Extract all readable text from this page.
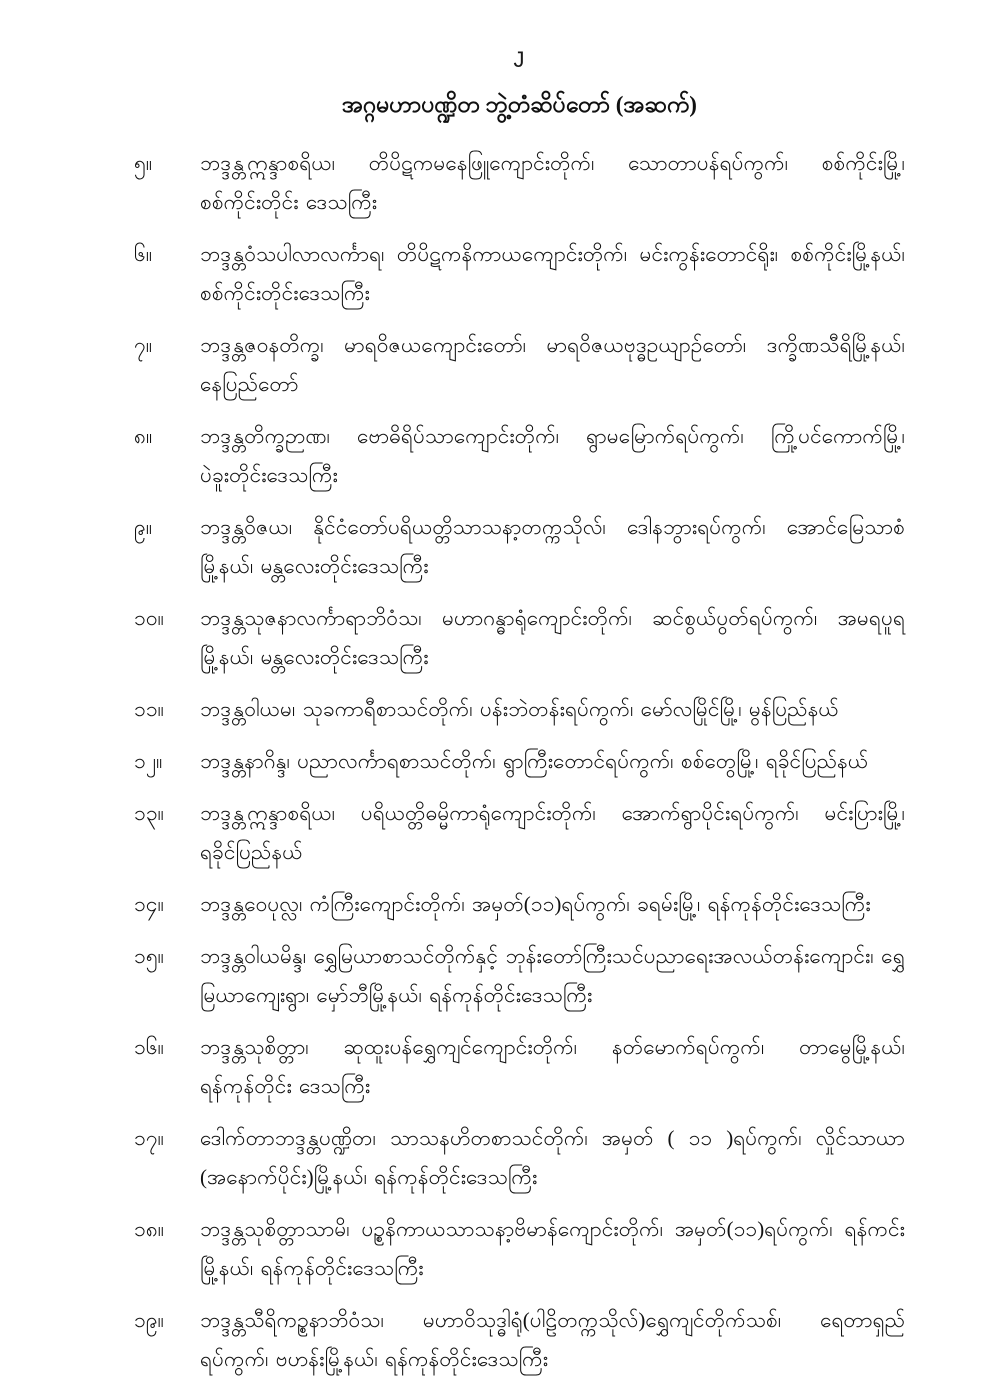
J
အဂ္ဂမဟာပဏ္ဍိတ ဘွဲ့တံဆိပ်တော် (အဆက်)
၅။	ဘဒ္ဒန္တဣန္ဒာစရိယ၊ တိပိဋကမနေဖြူကျောင်းတိုက်၊ သောတာပန်ရပ်ကွက်၊ စစ်ကိုင်းမြို့၊ စစ်ကိုင်းတိုင်း ဒေသကြီး
၆။	ဘဒ္ဒန္တဝံသပါလာလင်္ကာရ၊ တိပိဋကနိကာယကျောင်းတိုက်၊ မင်းကွန်းတောင်ရိုး၊ စစ်ကိုင်းမြို့နယ်၊ စစ်ကိုင်းတိုင်းဒေသကြီး
၇။	ဘဒ္ဒန္တဇဝနတိက္ခ၊ မာရဝိဇယကျောင်းတော်၊ မာရဝိဇယဗုဒ္ဓဥယျာဉ်တော်၊ ဒက္ခိဏသီရိမြို့နယ်၊ နေပြည်တော်
၈။	ဘဒ္ဒန္တတိက္ခဉာဏ၊ ဗောဓိရိပ်သာကျောင်းတိုက်၊ ရွာမမြောက်ရပ်ကွက်၊ ကြို့ပင်ကောက်မြို့၊ ပဲခူးတိုင်းဒေသကြီး
၉။	ဘဒ္ဒန္တဝိဇယ၊ နိုင်ငံတော်ပရိယတ္တိသာသနာ့တက္ကသိုလ်၊ ဒေါနဘွားရပ်ကွက်၊ အောင်မြေသာစံ မြို့နယ်၊ မန္တလေးတိုင်းဒေသကြီး
၁၀။	ဘဒ္ဒန္တသုဇနာလင်္ကာရာဘိဝံသ၊ မဟာဂန္ဓာရုံကျောင်းတိုက်၊ ဆင်စွယ်ပွတ်ရပ်ကွက်၊ အမရပူရမြို့နယ်၊ မန္တလေးတိုင်းဒေသကြီး
၁၁။	ဘဒ္ဒန္တဝါယမ၊ သုခကာရီစာသင်တိုက်၊ ပန်းဘဲတန်းရပ်ကွက်၊ မော်လမြိုင်မြို့၊ မွန်ပြည်နယ်
၁၂။	ဘဒ္ဒန္တနာဂိန္ဒ၊ ပညာလင်္ကာရစာသင်တိုက်၊ ရွာကြီးတောင်ရပ်ကွက်၊ စစ်တွေမြို့၊ ရခိုင်ပြည်နယ်
၁၃။	ဘဒ္ဒန္တဣန္ဒာစရိယ၊ ပရိယတ္တိဓမ္မိကာရုံကျောင်းတိုက်၊ အောက်ရွာပိုင်းရပ်ကွက်၊ မင်းပြားမြို့၊ ရခိုင်ပြည်နယ်
၁၄။	ဘဒ္ဒန္တဝေပုလ္လ၊ ကံကြီးကျောင်းတိုက်၊ အမှတ်(၁၁)ရပ်ကွက်၊ ခရမ်းမြို့၊ ရန်ကုန်တိုင်းဒေသကြီး
၁၅။	ဘဒ္ဒန္တဝါယမိန္ဒ၊ ရွှေမြယာစာသင်တိုက်နှင့် ဘုန်းတော်ကြီးသင်ပညာရေးအလယ်တန်းကျောင်း၊ ရွှေမြယာကျေးရွာ၊ မှော်ဘီမြို့နယ်၊ ရန်ကုန်တိုင်းဒေသကြီး
၁၆။	ဘဒ္ဒန္တသုစိတ္တာ၊ ဆုထူးပန်ရွှေကျင်ကျောင်းတိုက်၊ နတ်မောက်ရပ်ကွက်၊ တာမွေမြို့နယ်၊ ရန်ကုန်တိုင်း ဒေသကြီး
၁၇။	ဒေါက်တာဘဒ္ဒန္တပဏ္ဍိတ၊ သာသနဟိတစာသင်တိုက်၊ အမှတ် ( ၁၁ )ရပ်ကွက်၊ လှိုင်သာယာ (အနောက်ပိုင်း)မြို့နယ်၊ ရန်ကုန်တိုင်းဒေသကြီး
၁၈။	ဘဒ္ဒန္တသုစိတ္တာသာမိ၊ ပဉ္စနိကာယသာသနာ့ဗိမာန်ကျောင်းတိုက်၊ အမှတ်(၁၁)ရပ်ကွက်၊ ရန်ကင်းမြို့နယ်၊ ရန်ကုန်တိုင်းဒေသကြီး
၁၉။	ဘဒ္ဒန္တသီရိကဉ္စနာဘိဝံသ၊ မဟာဝိသုဒ္ဓါရုံ(ပါဠိတက္ကသိုလ်)ရွှေကျင်တိုက်သစ်၊ ရေတာရှည်ရပ်ကွက်၊ ဗဟန်းမြို့နယ်၊ ရန်ကုန်တိုင်းဒေသကြီး
